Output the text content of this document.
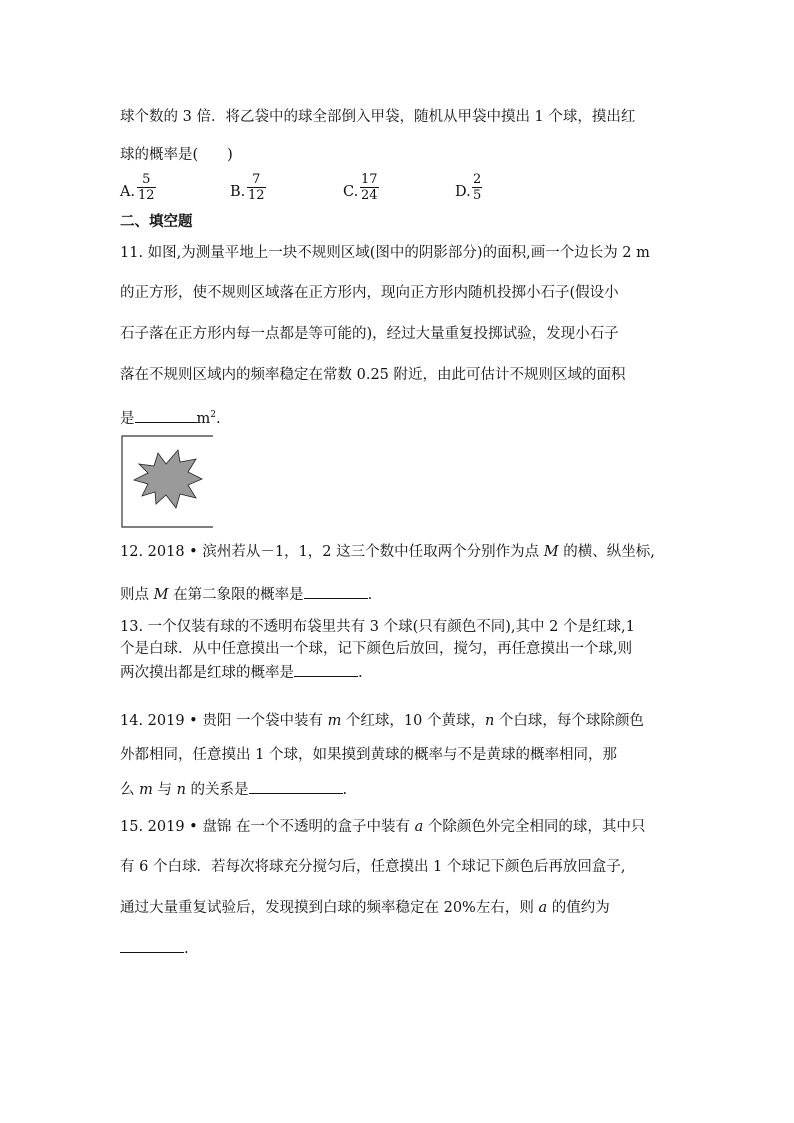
球个数的 3 倍．将乙袋中的球全部倒入甲袋，随机从甲袋中摸出 1 个球，摸出红
球的概率是(　　)
A. $\frac{5}{12}$	B. $\frac{7}{12}$	C. $\frac{17}{24}$	D. $\frac{2}{5}$
二、填空题
11. 如图,为测量平地上一块不规则区域(图中的阴影部分)的面积,画一个边长为 2 m
的正方形，使不规则区域落在正方形内，现向正方形内随机投掷小石子(假设小
石子落在正方形内每一点都是等可能的)，经过大量重复投掷试验，发现小石子
落在不规则区域内的频率稳定在常数 0.25 附近，由此可估计不规则区域的面积
是	$m^2$.
12. 2018 • 滨州若从－1，1，2 这三个数中任取两个分别作为点 M 的横、纵坐标,
则点 M 在第二象限的概率是	.
13. 一个仅装有球的不透明布袋里共有 3 个球(只有颜色不同),其中 2 个是红球,1
个是白球．从中任意摸出一个球，记下颜色后放回，搅匀，再任意摸出一个球,则
两次摸出都是红球的概率是	.
14. 2019 • 贵阳 一个袋中装有 m 个红球，10 个黄球，n 个白球，每个球除颜色
外都相同，任意摸出 1 个球，如果摸到黄球的概率与不是黄球的概率相同，那
么 m 与 n 的关系是	.
15. 2019 • 盘锦 在一个不透明的盒子中装有 a 个除颜色外完全相同的球，其中只
有 6 个白球．若每次将球充分搅匀后，任意摸出 1 个球记下颜色后再放回盒子,
通过大量重复试验后，发现摸到白球的频率稳定在 20%左右，则 a 的值约为
.
